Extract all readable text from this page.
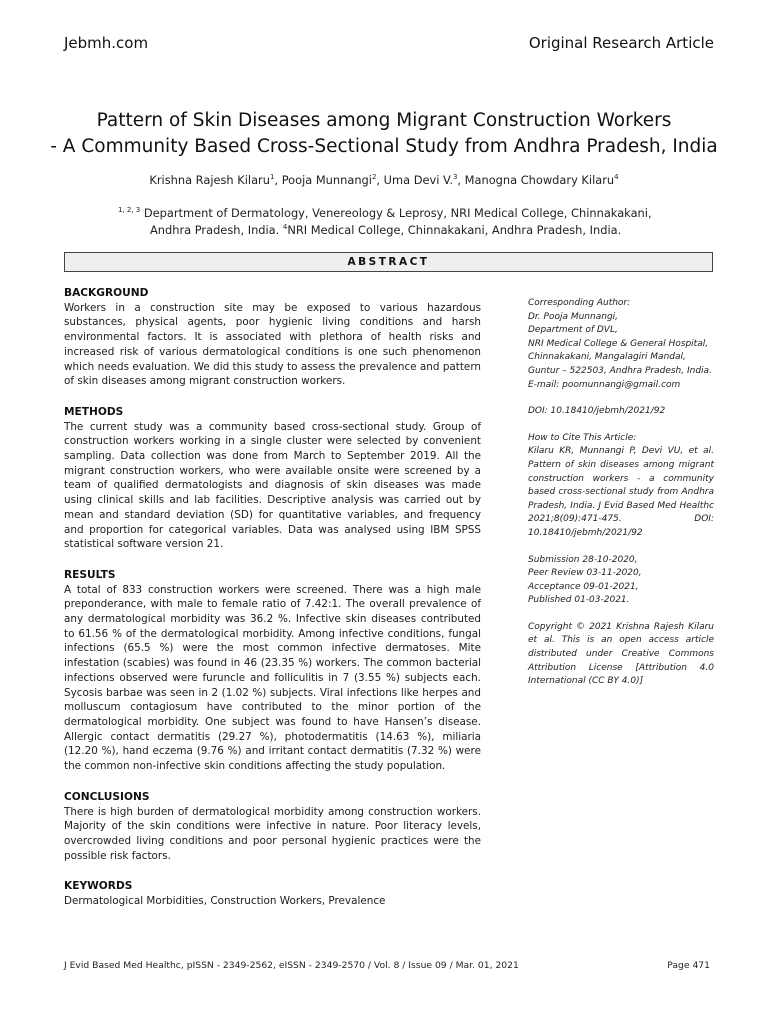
Jebmh.com	Original Research Article
Pattern of Skin Diseases among Migrant Construction Workers
- A Community Based Cross-Sectional Study from Andhra Pradesh, India
Krishna Rajesh Kilaru$^1$, Pooja Munnangi$^2$, Uma Devi V.$^3$, Manogna Chowdary Kilaru$^4$
$^{1, 2, 3}$ Department of Dermatology, Venereology & Leprosy, NRI Medical College, Chinnakakani,
Andhra Pradesh, India. $^4$NRI Medical College, Chinnakakani, Andhra Pradesh, India.
ABSTRACT
BACKGROUND

Workers in a construction site may be exposed to various hazardous substances, physical agents, poor hygienic living conditions and harsh environmental factors. It is associated with plethora of health risks and increased risk of various dermatological conditions is one such phenomenon which needs evaluation. We did this study to assess the prevalence and pattern of skin diseases among migrant construction workers.

METHODS

The current study was a community based cross-sectional study. Group of construction workers working in a single cluster were selected by convenient sampling. Data collection was done from March to September 2019. All the migrant construction workers, who were available onsite were screened by a team of qualified dermatologists and diagnosis of skin diseases was made using clinical skills and lab facilities. Descriptive analysis was carried out by mean and standard deviation (SD) for quantitative variables, and frequency and proportion for categorical variables. Data was analysed using IBM SPSS statistical software version 21.

RESULTS

A total of 833 construction workers were screened. There was a high male preponderance, with male to female ratio of 7.42:1. The overall prevalence of any dermatological morbidity was 36.2 %. Infective skin diseases contributed to 61.56 % of the dermatological morbidity. Among infective conditions, fungal infections (65.5 %) were the most common infective dermatoses. Mite infestation (scabies) was found in 46 (23.35 %) workers. The common bacterial infections observed were furuncle and folliculitis in 7 (3.55 %) subjects each. Sycosis barbae was seen in 2 (1.02 %) subjects. Viral infections like herpes and molluscum contagiosum have contributed to the minor portion of the dermatological morbidity. One subject was found to have Hansen’s disease. Allergic contact dermatitis (29.27 %), photodermatitis (14.63 %), miliaria (12.20 %), hand eczema (9.76 %) and irritant contact dermatitis (7.32 %) were the common non-infective skin conditions affecting the study population.

CONCLUSIONS

There is high burden of dermatological morbidity among construction workers. Majority of the skin conditions were infective in nature. Poor literacy levels, overcrowded living conditions and poor personal hygienic practices were the possible risk factors.

KEYWORDS

Dermatological Morbidities, Construction Workers, Prevalence

Corresponding Author:
Dr. Pooja Munnangi,
Department of DVL,
NRI Medical College & General Hospital,
Chinnakakani, Mangalagiri Mandal,
Guntur – 522503, Andhra Pradesh, India.
E-mail: poomunnangi@gmail.com
DOI: 10.18410/jebmh/2021/92
How to Cite This Article:
Kilaru KR, Munnangi P, Devi VU, et al. Pattern of skin diseases among migrant construction workers - a community based cross-sectional study from Andhra Pradesh, India. J Evid Based Med Healthc 2021;8(09):471-475. DOI: 10.18410/jebmh/2021/92
Submission 28-10-2020,
Peer Review 03-11-2020,
Acceptance 09-01-2021,
Published 01-03-2021.
Copyright © 2021 Krishna Rajesh Kilaru et al. This is an open access article distributed under Creative Commons Attribution License [Attribution 4.0 International (CC BY 4.0)]
J Evid Based Med Healthc, pISSN - 2349-2562, eISSN - 2349-2570 / Vol. 8 / Issue 09 / Mar. 01, 2021	Page 471
